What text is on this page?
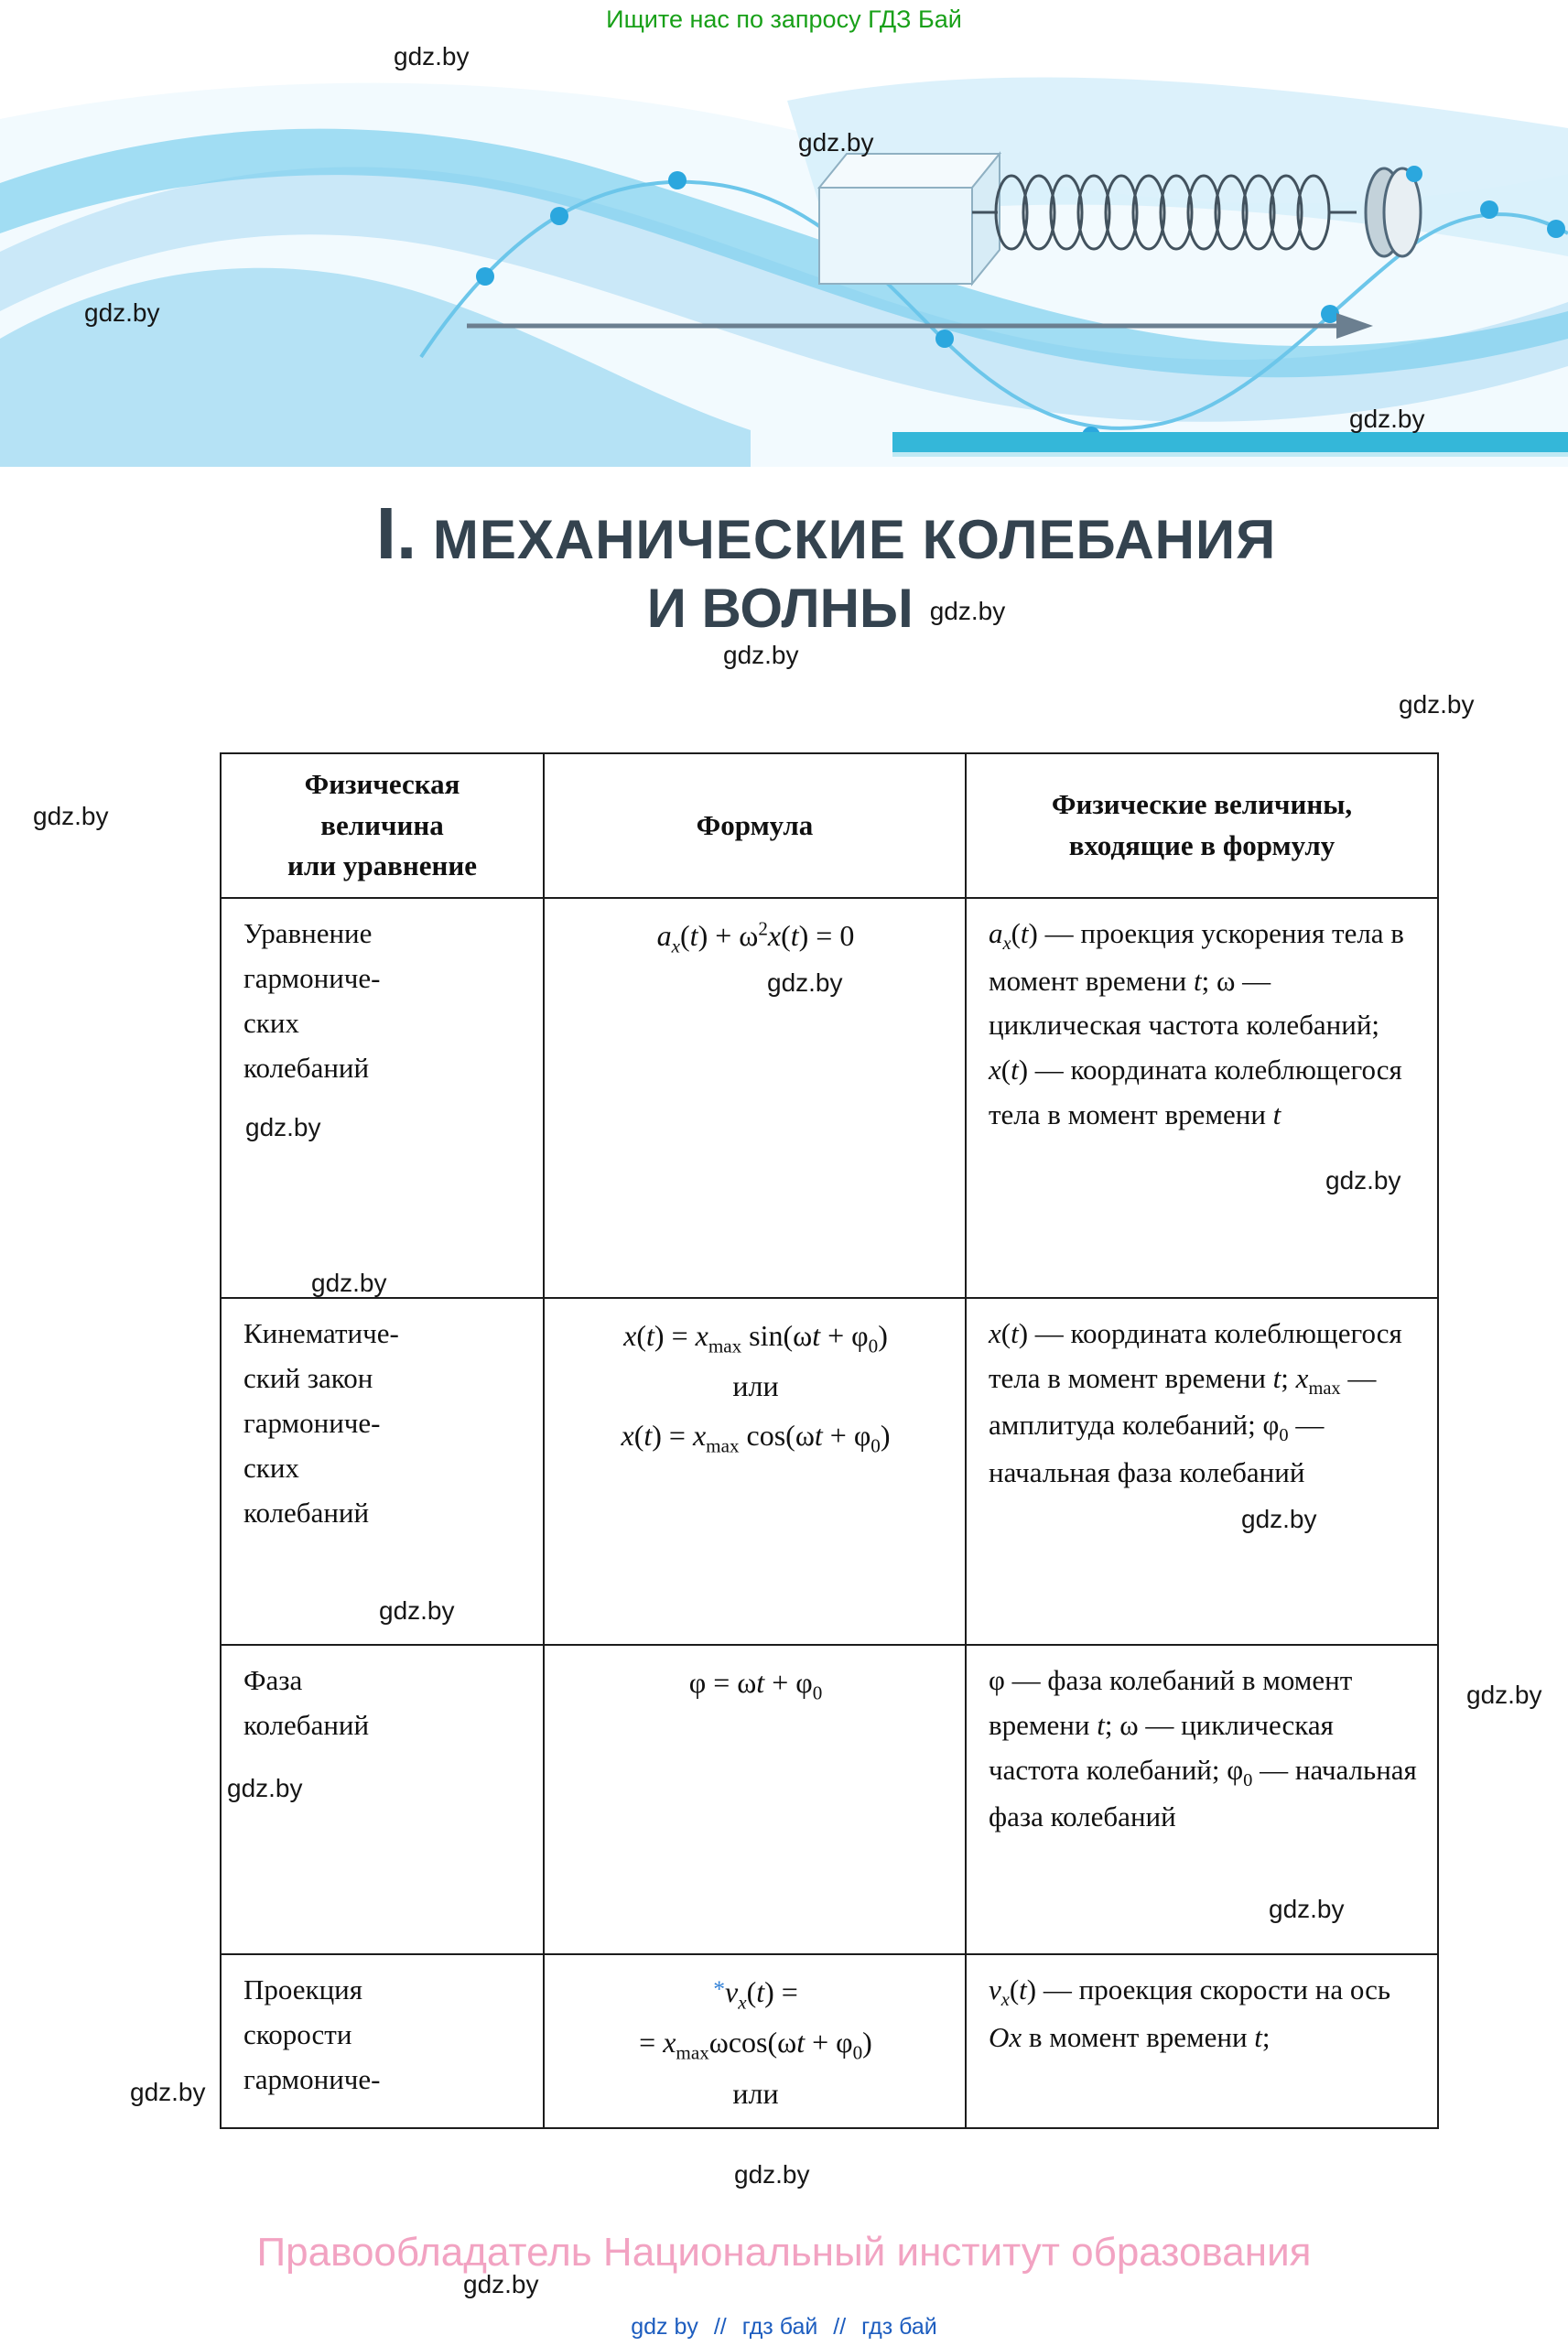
Ищите нас по запросу ГДЗ Бай
I. МЕХАНИЧЕСКИЕ КОЛЕБАНИЯ
И ВОЛНЫ gdz.by
Физическая
величина
или уравнение	Формула	Физические величины,
входящие в формулу
Уравнение
гармониче-
ских
колебаний	$a_x(t) + \omega^2x(t) = 0$	$a_x(t)$ — проекция ускорения тела в момент времени t; ω — циклическая частота колебаний; x(t) — координата колеблющегося тела в момент времени t
Кинематиче-
ский закон
гармониче-
ских
колебаний	$x(t) = x_{max}$ $\sin(\omega t + \varphi_0)$
или
$x(t) = x_{max}$ $\cos(\omega t + \varphi_0)$	x(t) — координата колеблющегося тела в момент времени t; $x_{max}$ — амплитуда колебаний; $\varphi_0$ — начальная фаза колебаний
Фаза
колебаний	$\varphi = \omega t + \varphi_0$	φ — фаза колебаний в момент времени t; ω — циклическая частота колебаний; $\varphi_0$ — начальная фаза колебаний
Проекция
скорости
гармониче-	$*v_x(t)$ =
= $x_{max}\omega\cos(\omega t + \varphi_0)$
или	$v_x(t)$ — проекция скорости на ось Ox в момент времени t;
gdz.by
gdz.by
gdz.by
gdz.by
gdz.by
gdz.by
gdz.by
gdz.by
gdz.by
gdz.by
gdz.by
gdz.by
gdz.by
gdz.by
gdz.by
gdz.by
gdz.by
gdz.by
gdz.by
Правообладатель Национальный институт образования
gdz by // гдз бай // гдз бай
